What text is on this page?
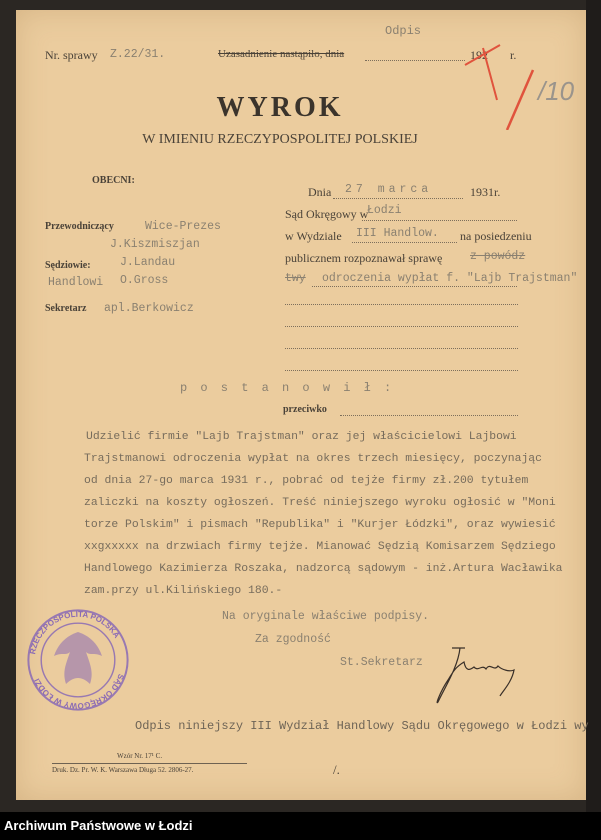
Odpis
Nr. sprawy Z.22/31.	Uzasadnienie nastąpiło, dnia	192 r.
/10
WYROK
W IMIENIU RZECZYPOSPOLITEJ POLSKIEJ
OBECNI:
Przewodniczący	Wice-Prezes
J.Kiszmiszjan
Sędziowie:
Handlowi
J.Landau
O.Gross
Sekretarz apl.Berkowicz
Dnia 27 marca	1931r.
Sąd Okręgowy w
Łodzi
w Wydziale III Handlow. na posiedzeniu
publicznem rozpoznawał sprawę z powódz
twy odroczenia wypłat f. "Lajb Trajstman"
p o s t a n o w i ł :
przeciwko
Udzielić firmie "Lajb Trajstman" oraz jej właścicielowi Lajbowi
Trajstmanowi odroczenia wypłat na okres trzech miesięcy, poczynając
od dnia 27-go marca 1931 r., pobrać od tejże firmy zł.200 tytułem
zaliczki na koszty ogłoszeń. Treść niniejszego wyroku ogłosić w "Moni
torze Polskim" i pismach "Republika" i "Kurjer Łódzki", oraz wywiesić
xxgxxxxx na drzwiach firmy tejże. Mianować Sędzią Komisarzem Sędziego
Handlowego Kazimierza Roszaka, nadzorcą sądowym - inż.Artura Wacławika
zam.przy ul.Kilińskiego 180.-
Na oryginale właściwe podpisy.
Za zgodność
St.Sekretarz
RZECZPOSPOLITA POLSKA
SĄD OKRĘGOWY W ŁODZI
Odpis niniejszy III Wydział Handlowy Sądu Okręgowego w Łodzi wy
Wzór Nr. 17¹ C.
Druk. Dz. Pr. W. K. Warszawa Długa 52. 2806-27.	/.
Archiwum Państwowe w Łodzi
